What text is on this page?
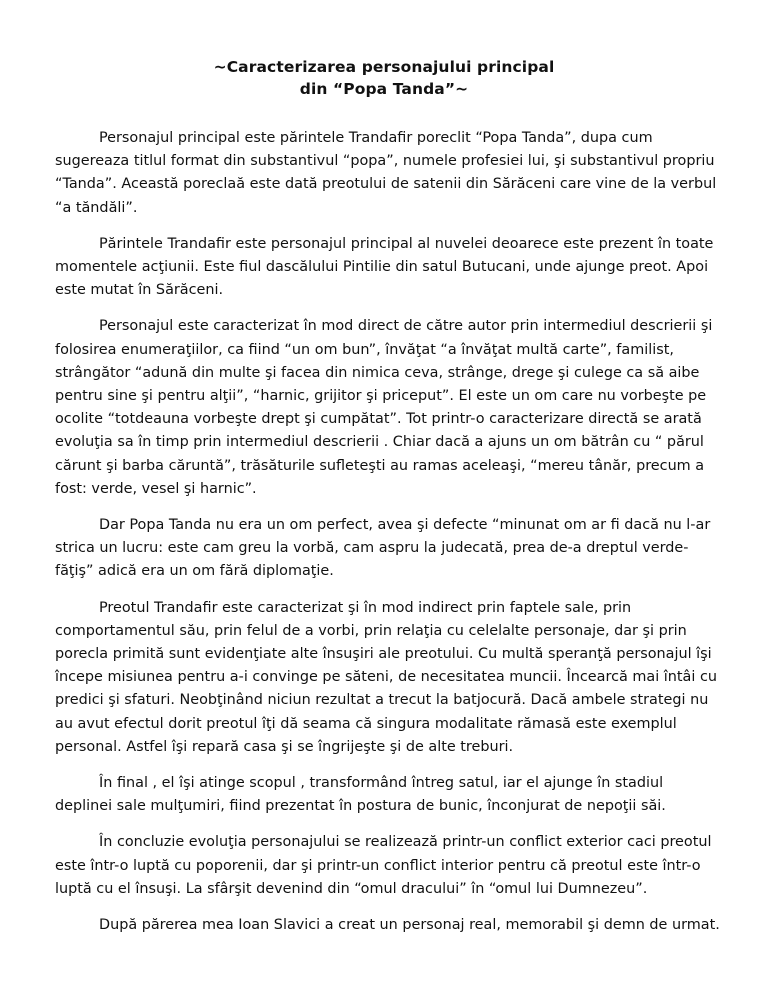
~Caracterizarea personajului principal
din “Popa Tanda”~

Personajul principal este părintele Trandafir poreclit “Popa Tanda”, dupa cum sugereaza titlul format din substantivul “popa”, numele profesiei lui, şi substantivul propriu “Tanda”. Această poreclaă este dată preotului de satenii din Sărăceni care vine de la verbul “a tăndăli”.

Părintele Trandafir este personajul principal al nuvelei deoarece este prezent în toate momentele acţiunii. Este fiul dascălului Pintilie din satul Butucani, unde ajunge preot. Apoi este mutat în Sărăceni.

Personajul este caracterizat în mod direct de către autor prin intermediul descrierii şi folosirea enumeraţiilor, ca fiind “un om bun”, învăţat “a învăţat multă carte”, familist, strângător “adună din multe şi facea din nimica ceva, strânge, drege şi culege ca să aibe pentru sine şi pentru alţii”, “harnic, grijitor şi priceput”. El este un om care nu vorbeşte pe ocolite “totdeauna vorbeşte drept şi cumpătat”. Tot printr-o caracterizare directă se arată evoluţia sa în timp prin intermediul descrierii . Chiar dacă a ajuns un om bătrân cu “ părul cărunt şi barba căruntă”, trăsăturile sufleteşti au ramas aceleaşi, “mereu tânăr, precum a fost: verde, vesel şi harnic”.

Dar Popa Tanda nu era un om perfect, avea şi defecte “minunat om ar fi dacă nu l-ar strica un lucru: este cam greu la vorbă, cam aspru la judecată, prea de-a dreptul verde-făţiş” adică era un om fără diplomaţie.

Preotul Trandafir este caracterizat şi în mod indirect prin faptele sale, prin comportamentul său, prin felul de a vorbi, prin relaţia cu celelalte personaje, dar şi prin porecla primită sunt evidenţiate alte însuşiri ale preotului. Cu multă speranţă personajul îşi începe misiunea pentru a-i convinge pe săteni, de necesitatea muncii. Încearcă mai întâi cu predici şi sfaturi. Neobţinând niciun rezultat a trecut la batjocură. Dacă ambele strategi nu au avut efectul dorit preotul îţi dă seama că singura modalitate rămasă este exemplul personal. Astfel îşi repară casa şi se îngrijeşte şi de alte treburi.

În final , el îşi atinge scopul , transformând întreg satul, iar el ajunge în stadiul deplinei sale mulţumiri, fiind prezentat în postura de bunic, înconjurat de nepoţii săi.

În concluzie evoluţia personajului se realizează printr-un conflict exterior caci preotul este într-o luptă cu poporenii, dar şi printr-un conflict interior pentru că preotul este într-o luptă cu el însuşi. La sfârşit devenind din “omul dracului” în “omul lui Dumnezeu”.

După părerea mea Ioan Slavici a creat un personaj real, memorabil şi demn de urmat.
